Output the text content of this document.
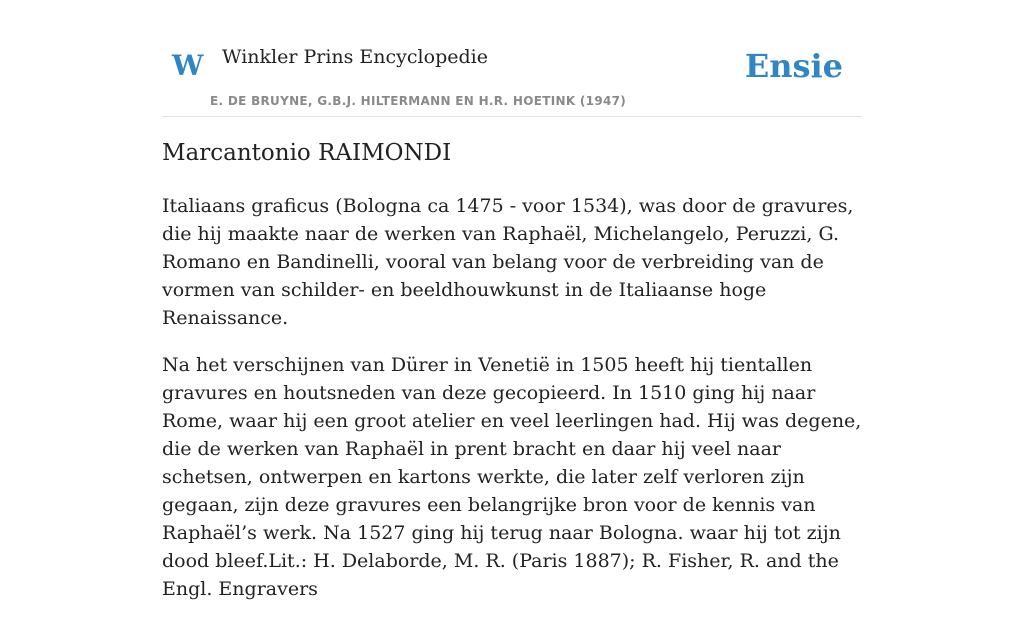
W Winkler Prins Encyclopedie
E. DE BRUYNE, G.B.J. HILTERMANN EN H.R. HOETINK (1947)
Ensie
Marcantonio RAIMONDI

Italiaans graficus (Bologna ca 1475 - voor 1534), was door de gravures, die hij maakte naar de werken van Raphaël, Michelangelo, Peruzzi, G. Romano en Bandinelli, vooral van belang voor de verbreiding van de vormen van schilder- en beeldhouwkunst in de Italiaanse hoge Renaissance.

Na het verschijnen van Dürer in Venetië in 1505 heeft hij tientallen gravures en houtsneden van deze gecopieerd. In 1510 ging hij naar Rome, waar hij een groot atelier en veel leerlingen had. Hij was degene, die de werken van Raphaël in prent bracht en daar hij veel naar schetsen, ontwerpen en kartons werkte, die later zelf verloren zijn gegaan, zijn deze gravures een belangrijke bron voor de kennis van Raphaël’s werk. Na 1527 ging hij terug naar Bologna. waar hij tot zijn dood bleef.Lit.: H. Delaborde, M. R. (Paris 1887); R. Fisher, R. and the Engl. Engravers
